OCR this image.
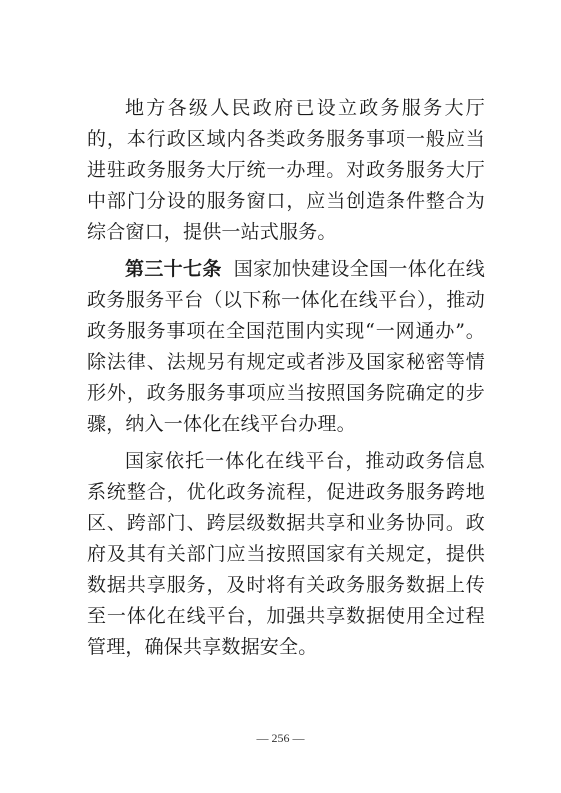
地方各级人民政府已设立政务服务大厅的，本行政区域内各类政务服务事项一般应当进驻政务服务大厅统一办理。对政务服务大厅中部门分设的服务窗口，应当创造条件整合为综合窗口，提供一站式服务。

第三十七条 国家加快建设全国一体化在线政务服务平台（以下称一体化在线平台），推动政务服务事项在全国范围内实现“一网通办”。除法律、法规另有规定或者涉及国家秘密等情形外，政务服务事项应当按照国务院确定的步骤，纳入一体化在线平台办理。

国家依托一体化在线平台，推动政务信息系统整合，优化政务流程，促进政务服务跨地区、跨部门、跨层级数据共享和业务协同。政府及其有关部门应当按照国家有关规定，提供数据共享服务，及时将有关政务服务数据上传至一体化在线平台，加强共享数据使用全过程管理，确保共享数据安全。

— 256 —
